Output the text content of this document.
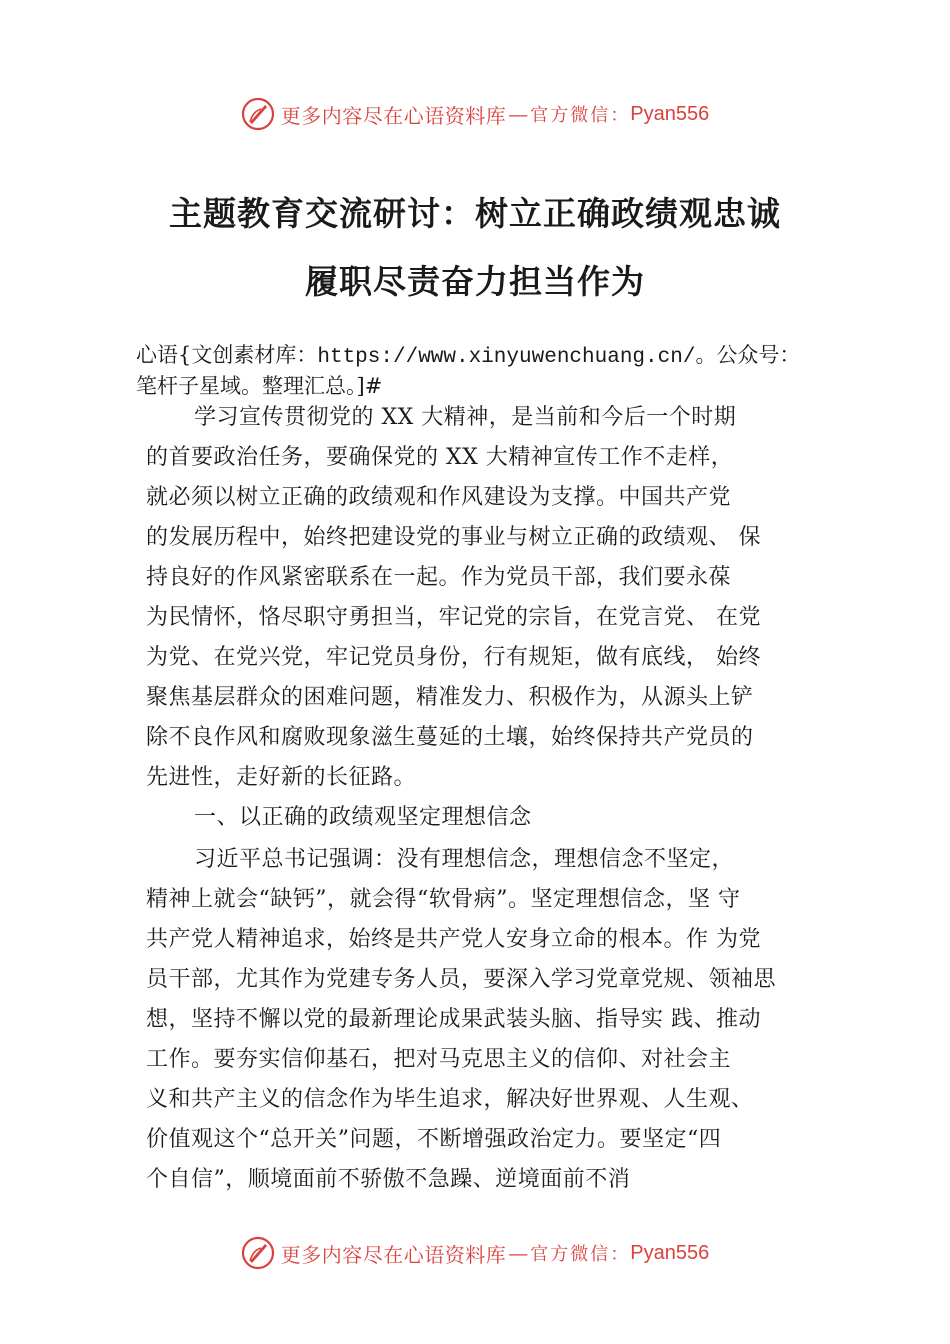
更多内容尽在心语资料库 — 官方微信： Pyan556
主题教育交流研讨：树立正确政绩观忠诚
履职尽责奋力担当作为
心语{文创素材库：https://www.xinyuwenchuang.cn/。公众号：
笔杆子星域。整理汇总。]#
学习宣传贯彻党的 XX 大精神，是当前和今后一个时期
的首要政治任务，要确保党的 XX 大精神宣传工作不走样，
就必须以树立正确的政绩观和作风建设为支撑。中国共产党
的发展历程中，始终把建设党的事业与树立正确的政绩观、 保
持良好的作风紧密联系在一起。作为党员干部，我们要永葆
为民情怀，恪尽职守勇担当，牢记党的宗旨，在党言党、 在党
为党、在党兴党，牢记党员身份，行有规矩，做有底线， 始终
聚焦基层群众的困难问题，精准发力、积极作为，从源头上铲
除不良作风和腐败现象滋生蔓延的土壤，始终保持共产党员的
先进性，走好新的长征路。
一、以正确的政绩观坚定理想信念
习近平总书记强调：没有理想信念，理想信念不坚定，
精神上就会“缺钙”，就会得“软骨病”。坚定理想信念，坚 守
共产党人精神追求，始终是共产党人安身立命的根本。作 为党
员干部，尤其作为党建专务人员，要深入学习党章党规、领袖思
想，坚持不懈以党的最新理论成果武装头脑、指导实 践、推动
工作。要夯实信仰基石，把对马克思主义的信仰、对社会主
义和共产主义的信念作为毕生追求，解决好世界观、人生观、
价值观这个“总开关”问题，不断增强政治定力。要坚定“四
个自信”，顺境面前不骄傲不急躁、逆境面前不消
更多内容尽在心语资料库 — 官方微信： Pyan556
